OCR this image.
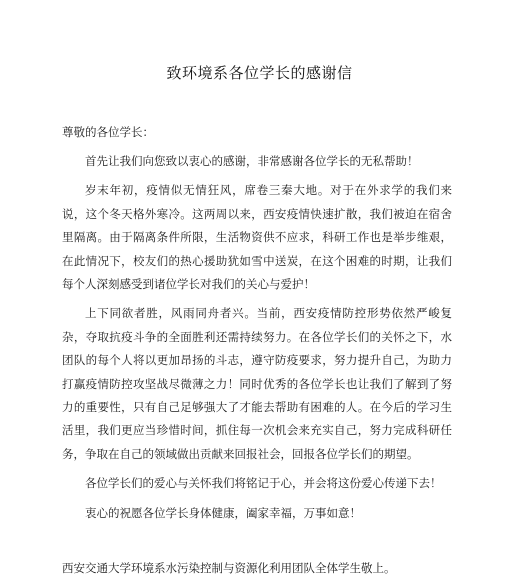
致环境系各位学长的感谢信
尊敬的各位学长：

首先让我们向您致以衷心的感谢，非常感谢各位学长的无私帮助！

岁末年初，疫情似无情狂风，席卷三秦大地。对于在外求学的我们来说，这个冬天格外寒冷。这两周以来，西安疫情快速扩散，我们被迫在宿舍里隔离。由于隔离条件所限，生活物资供不应求，科研工作也是举步维艰，在此情况下，校友们的热心援助犹如雪中送炭，在这个困难的时期，让我们每个人深刻感受到诸位学长对我们的关心与爱护！

上下同欲者胜，风雨同舟者兴。当前，西安疫情防控形势依然严峻复杂，夺取抗疫斗争的全面胜利还需持续努力。在各位学长们的关怀之下，水团队的每个人将以更加昂扬的斗志，遵守防疫要求，努力提升自己，为助力打赢疫情防控攻坚战尽微薄之力！同时优秀的各位学长也让我们了解到了努力的重要性，只有自己足够强大了才能去帮助有困难的人。在今后的学习生活里，我们更应当珍惜时间，抓住每一次机会来充实自己，努力完成科研任务，争取在自己的领域做出贡献来回报社会，回报各位学长们的期望。

各位学长们的爱心与关怀我们将铭记于心，并会将这份爱心传递下去！

衷心的祝愿各位学长身体健康，阖家幸福，万事如意！

西安交通大学环境系水污染控制与资源化利用团队全体学生敬上。
